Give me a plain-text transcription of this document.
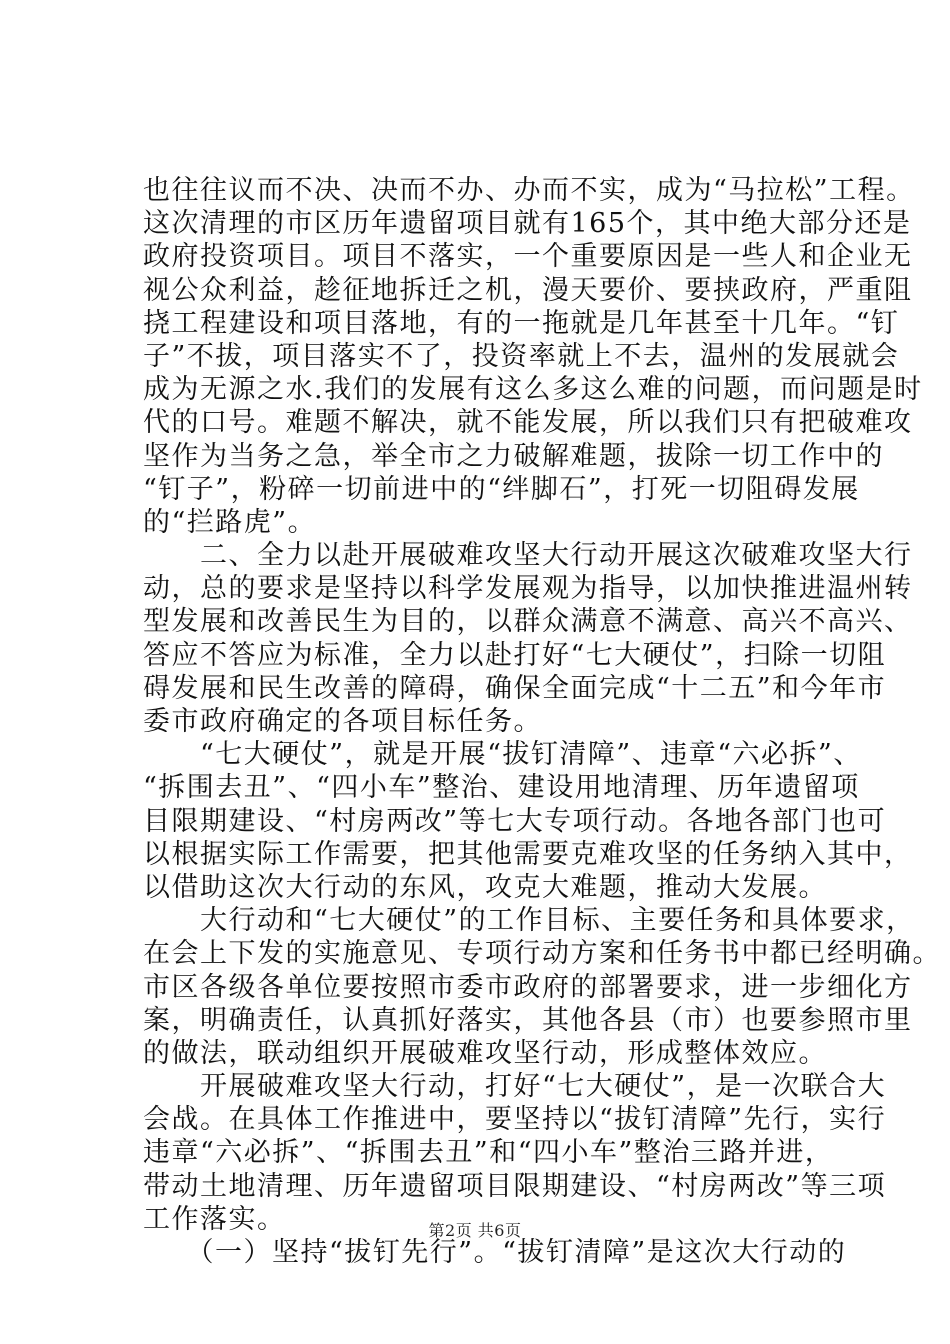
也往往议而不决、决而不办、办而不实，成为“马拉松”工程。
这次清理的市区历年遗留项目就有165个，其中绝大部分还是
政府投资项目。项目不落实，一个重要原因是一些人和企业无
视公众利益，趁征地拆迁之机，漫天要价、要挟政府，严重阻
挠工程建设和项目落地，有的一拖就是几年甚至十几年。“钉
子”不拔，项目落实不了，投资率就上不去，温州的发展就会
成为无源之水.我们的发展有这么多这么难的问题，而问题是时
代的口号。难题不解决，就不能发展，所以我们只有把破难攻
坚作为当务之急，举全市之力破解难题，拔除一切工作中的
“钉子”，粉碎一切前进中的“绊脚石”，打死一切阻碍发展
的“拦路虎”。
　　二、全力以赴开展破难攻坚大行动开展这次破难攻坚大行
动，总的要求是坚持以科学发展观为指导，以加快推进温州转
型发展和改善民生为目的，以群众满意不满意、高兴不高兴、
答应不答应为标准，全力以赴打好“七大硬仗”，扫除一切阻
碍发展和民生改善的障碍，确保全面完成“十二五”和今年市
委市政府确定的各项目标任务。
　　“七大硬仗”，就是开展“拔钉清障”、违章“六必拆”、
“拆围去丑”、“四小车”整治、建设用地清理、历年遗留项
目限期建设、“村房两改”等七大专项行动。各地各部门也可
以根据实际工作需要，把其他需要克难攻坚的任务纳入其中，
以借助这次大行动的东风，攻克大难题，推动大发展。
　　大行动和“七大硬仗”的工作目标、主要任务和具体要求，
在会上下发的实施意见、专项行动方案和任务书中都已经明确。
市区各级各单位要按照市委市政府的部署要求，进一步细化方
案，明确责任，认真抓好落实，其他各县（市）也要参照市里
的做法，联动组织开展破难攻坚行动，形成整体效应。
　　开展破难攻坚大行动，打好“七大硬仗”，是一次联合大
会战。在具体工作推进中，要坚持以“拔钉清障”先行，实行
违章“六必拆”、“拆围去丑”和“四小车”整治三路并进，
带动土地清理、历年遗留项目限期建设、“村房两改”等三项
工作落实。
　　（一）坚持“拔钉先行”。“拔钉清障”是这次大行动的
第2页 共6页
